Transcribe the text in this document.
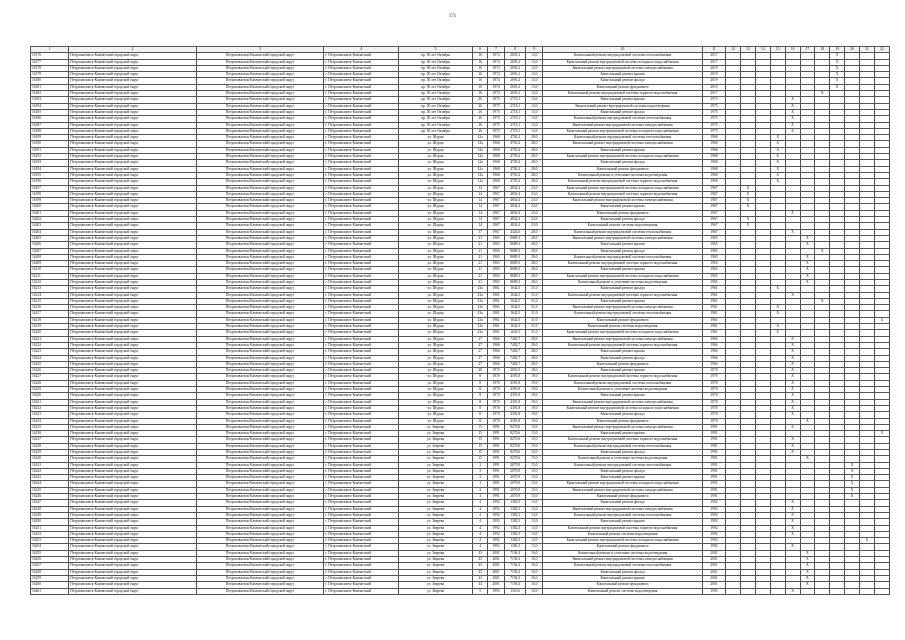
171
1	2	3	4	5	6	7	8	9	10	11	12	13	14	15	16	17	18	19	20	21	22
16176	Петропавловск-Камчатский городской округ	Петропавловск-Камчатский городской округ	г. Петропавловск-Камчатский	пр. 50 лет Октября	16	1974	2691,2	13,0	Капитальный ремонт внутридомовой системы теплоснабжения	2017								X			
16177	Петропавловск-Камчатский городской округ	Петропавловск-Камчатский городской округ	г. Петропавловск-Камчатский	пр. 50 лет Октября	16	1974	2691,2	13,0	Капитальный ремонт внутридомовой системы холодного водоснабжения	2017								X			
16178	Петропавловск-Камчатский городской округ	Петропавловск-Камчатский городской округ	г. Петропавловск-Камчатский	пр. 50 лет Октября	16	1974	2691,2	13,0	Капитальный ремонт внутридомовой системы электроснабжения	2019								X			
16179	Петропавловск-Камчатский городской округ	Петропавловск-Камчатский городской округ	г. Петропавловск-Камчатский	пр. 50 лет Октября	16	1974	2691,2	13,0	Капитальный ремонт крыши	2019								X			
16180	Петропавловск-Камчатский городской округ	Петропавловск-Камчатский городской округ	г. Петропавловск-Камчатский	пр. 50 лет Октября	16	1974	2691,2	13,0	Капитальный ремонт фасада	2019								X			
16181	Петропавловск-Камчатский городской округ	Петропавловск-Камчатский городской округ	г. Петропавловск-Камчатский	пр. 50 лет Октября	16	1974	2691,2	13,0	Капитальный ремонт фундамента	2019								X			
16182	Петропавловск-Камчатский городской округ	Петропавловск-Камчатский городской округ	г. Петропавловск-Камчатский	пр. 50 лет Октября	16	1974	2691,2	13,0	Капитальный ремонт внутридомовой системы горячего водоснабжения	2017							X				
16183	Петропавловск-Камчатский городской округ	Петропавловск-Камчатский городской округ	г. Петропавловск-Камчатский	пр. 50 лет Октября	26	1975	2718,1	13,0	Капитальный ремонт крыши	1975					X						
16184	Петропавловск-Камчатский городской округ	Петропавловск-Камчатский городской округ	г. Петропавловск-Камчатский	пр. 50 лет Октября	26	1975	2718,1	13,0	Капитальный ремонт внутридомовой системы водоотведения	1975					X						
16185	Петропавловск-Камчатский городской округ	Петропавловск-Камчатский городской округ	г. Петропавловск-Камчатский	пр. 50 лет Октября	26	1975	2718,1	13,0	Капитальный ремонт фасада	1975					X						
16186	Петропавловск-Камчатский городской округ	Петропавловск-Камчатский городской округ	г. Петропавловск-Камчатский	пр. 50 лет Октября	26	1975	2718,1	13,0	Капитальный ремонт внутридомовой системы теплоснабжения	1975					X						
16187	Петропавловск-Камчатский городской округ	Петропавловск-Камчатский городской округ	г. Петропавловск-Камчатский	пр. 50 лет Октября	26	1975	2718,1	13,0	Капитальный ремонт внутридомовой системы электроснабжения	1975					X						
16188	Петропавловск-Камчатский городской округ	Петропавловск-Камчатский городской округ	г. Петропавловск-Камчатский	пр. 50 лет Октября	26	1975	2718,1	13,0	Капитальный ремонт внутридомовой системы холодного водоснабжения	1975					X						
16189	Петропавловск-Камчатский городской округ	Петропавловск-Камчатский городской округ	г. Петропавловск-Камчатский	ул. Шурца	12а	1968	4703,2	28,0	Капитальный ремонт внутридомовой системы теплоснабжения	1968				X							
16190	Петропавловск-Камчатский городской округ	Петропавловск-Камчатский городской округ	г. Петропавловск-Камчатский	ул. Шурца	12а	1968	4703,2	28,0	Капитальный ремонт внутридомовой системы электроснабжения	1968				X							
16191	Петропавловск-Камчатский городской округ	Петропавловск-Камчатский городской округ	г. Петропавловск-Камчатский	ул. Шурца	12а	1968	4703,2	28,0	Капитальный ремонт крыши	1968				X							
16192	Петропавловск-Камчатский городской округ	Петропавловск-Камчатский городской округ	г. Петропавловск-Камчатский	ул. Шурца	12а	1968	4703,2	28,0	Капитальный ремонт внутридомовой системы холодного водоснабжения	1968				X							
16193	Петропавловск-Камчатский городской округ	Петропавловск-Камчатский городской округ	г. Петропавловск-Камчатский	ул. Шурца	12а	1968	4703,2	28,0	Капитальный ремонт фасада	1968				X							
16194	Петропавловск-Камчатский городской округ	Петропавловск-Камчатский городской округ	г. Петропавловск-Камчатский	ул. Шурца	12а	1968	4703,2	28,0	Капитальный ремонт фундамента	1968				X							
16195	Петропавловск-Камчатский городской округ	Петропавловск-Камчатский городской округ	г. Петропавловск-Камчатский	ул. Шурца	12а	1968	4703,2	28,0	Капитальный ремонт и утепление системы водоотведения	1968				X							
16196	Петропавловск-Камчатский городской округ	Петропавловск-Камчатский городской округ	г. Петропавловск-Камчатский	ул. Шурца	12а	1968	4703,2	28,0	Капитальный ремонт внутридомовой системы горячего водоснабжения	1968				X							
16197	Петропавловск-Камчатский городской округ	Петропавловск-Камчатский городской округ	г. Петропавловск-Камчатский	ул. Шурца	14	1967	4834,4	23,0	Капитальный ремонт внутридомовой системы холодного водоснабжения	1967		X									
16198	Петропавловск-Камчатский городской округ	Петропавловск-Камчатский городской округ	г. Петропавловск-Камчатский	ул. Шурца	14	1967	4834,4	23,0	Капитальный ремонт внутридомовой системы горячего водоснабжения	1967		X									
16199	Петропавловск-Камчатский городской округ	Петропавловск-Камчатский городской округ	г. Петропавловск-Камчатский	ул. Шурца	14	1967	4834,4	23,0	Капитальный ремонт внутридомовой системы электроснабжения	1967		X									
16200	Петропавловск-Камчатский городской округ	Петропавловск-Камчатский городской округ	г. Петропавловск-Камчатский	ул. Шурца	14	1967	4834,4	23,0	Капитальный ремонт крыши	1967		X									
16201	Петропавловск-Камчатский городской округ	Петропавловск-Камчатский городской округ	г. Петропавловск-Камчатский	ул. Шурца	14	1967	4834,4	23,0	Капитальный ремонт фундамента	1967					X						
16202	Петропавловск-Камчатский городской округ	Петропавловск-Камчатский городской округ	г. Петропавловск-Камчатский	ул. Шурца	14	1967	4834,4	23,0	Капитальный ремонт фасада	1967		X									
16203	Петропавловск-Камчатский городской округ	Петропавловск-Камчатский городской округ	г. Петропавловск-Камчатский	ул. Шурца	14	1967	4834,4	23,0	Капитальный ремонт системы водоотведения	1967		X									
16204	Петропавловск-Камчатский городской округ	Петропавловск-Камчатский городской округ	г. Петропавловск-Камчатский	ул. Шурца	17	1967	4324,6	28,0	Капитальный ремонт внутридомовой системы теплоснабжения	1967					X						
16205	Петропавловск-Камчатский городской округ	Петропавловск-Камчатский городской округ	г. Петропавловск-Камчатский	ул. Шурца	21	1965	8689,3	28,0	Капитальный ремонт внутридомовой системы электроснабжения	1965						X					
16206	Петропавловск-Камчатский городской округ	Петропавловск-Камчатский городской округ	г. Петропавловск-Камчатский	ул. Шурца	21	1965	8689,3	28,0	Капитальный ремонт крыши	1965						X					
16207	Петропавловск-Камчатский городской округ	Петропавловск-Камчатский городской округ	г. Петропавловск-Камчатский	ул. Шурца	21	1965	8689,3	28,0	Капитальный ремонт фасада	1965							X				
16208	Петропавловск-Камчатский городской округ	Петропавловск-Камчатский городской округ	г. Петропавловск-Камчатский	ул. Шурца	21	1965	8689,3	28,0	Капитальный ремонт внутридомовой системы теплоснабжения	1965						X					
16209	Петропавловск-Камчатский городской округ	Петропавловск-Камчатский городской округ	г. Петропавловск-Камчатский	ул. Шурца	21	1965	8689,3	28,0	Капитальный ремонт внутридомовой системы горячего водоснабжения	1965						X					
16210	Петропавловск-Камчатский городской округ	Петропавловск-Камчатский городской округ	г. Петропавловск-Камчатский	ул. Шурца	21	1965	8689,3	28,0	Капитальный ремонт крыши	1965						X					
16211	Петропавловск-Камчатский городской округ	Петропавловск-Камчатский городской округ	г. Петропавловск-Камчатский	ул. Шурца	21	1965	8689,3	28,0	Капитальный ремонт внутридомовой системы холодного водоснабжения	1965						X					
16212	Петропавловск-Камчатский городской округ	Петропавловск-Камчатский городской округ	г. Петропавловск-Камчатский	ул. Шурца	21	1965	8689,3	28,0	Капитальный ремонт и утепление системы водоотведения	1965						X					
16213	Петропавловск-Камчатский городской округ	Петропавловск-Камчатский городской округ	г. Петропавловск-Камчатский	ул. Шурца	23а	1961	1642,5	31,0	Капитальный ремонт фасада	1961				X							
16214	Петропавловск-Камчатский городской округ	Петропавловск-Камчатский городской округ	г. Петропавловск-Камчатский	ул. Шурца	23а	1961	1642,5	31,0	Капитальный ремонт внутридомовой системы горячего водоснабжения	1961					X						
16215	Петропавловск-Камчатский городской округ	Петропавловск-Камчатский городской округ	г. Петропавловск-Камчатский	ул. Шурца	23а	1961	1642,5	31,0	Капитальный ремонт крыши	1961							X				
16216	Петропавловск-Камчатский городской округ	Петропавловск-Камчатский городской округ	г. Петропавловск-Камчатский	ул. Шурца	23а	1961	1642,5	31,0	Капитальный ремонт внутридомовой системы электроснабжения	1961				X							
16217	Петропавловск-Камчатский городской округ	Петропавловск-Камчатский городской округ	г. Петропавловск-Камчатский	ул. Шурца	23а	1961	1642,5	31,0	Капитальный ремонт внутридомовой системы теплоснабжения	1961				X							
16218	Петропавловск-Камчатский городской округ	Петропавловск-Камчатский городской округ	г. Петропавловск-Камчатский	ул. Шурца	23а	1961	1642,5	31,0	Капитальный ремонт фундамента	1961											X
16219	Петропавловск-Камчатский городской округ	Петропавловск-Камчатский городской округ	г. Петропавловск-Камчатский	ул. Шурца	23а	1961	1642,5	31,0	Капитальный ремонт системы водоотведения	1961				X							
16220	Петропавловск-Камчатский городской округ	Петропавловск-Камчатский городской округ	г. Петропавловск-Камчатский	ул. Шурца	23а	1961	1642,5	31,0	Капитальный ремонт внутридомовой системы холодного водоснабжения	1961				X							
16221	Петропавловск-Камчатский городской округ	Петропавловск-Камчатский городской округ	г. Петропавловск-Камчатский	ул. Шурца	27	1966	7402,7	28,0	Капитальный ремонт внутридомовой системы электроснабжения	1966					X						
16222	Петропавловск-Камчатский городской округ	Петропавловск-Камчатский городской округ	г. Петропавловск-Камчатский	ул. Шурца	27	1966	7402,7	28,0	Капитальный ремонт внутридомовой системы горячего водоснабжения	1966					X						
16223	Петропавловск-Камчатский городской округ	Петропавловск-Камчатский городской округ	г. Петропавловск-Камчатский	ул. Шурца	27	1966	7402,7	28,0	Капитальный ремонт крыши	1966					X						
16224	Петропавловск-Камчатский городской округ	Петропавловск-Камчатский городской округ	г. Петропавловск-Камчатский	ул. Шурца	27	1966	7402,7	28,0	Капитальный ремонт фасада	1966					X						
16225	Петропавловск-Камчатский городской округ	Петропавловск-Камчатский городской округ	г. Петропавловск-Камчатский	ул. Шурца	27	1966	7402,7	28,0	Капитальный ремонт фундамента	1966					X						
16226	Петропавловск-Камчатский городской округ	Петропавловск-Камчатский городской округ	г. Петропавловск-Камчатский	ул. Шурца	28	1970	2052,5	18,0	Капитальный ремонт крыши	1970					X						
16227	Петропавловск-Камчатский городской округ	Петропавловск-Камчатский городской округ	г. Петропавловск-Камчатский	ул. Шурца	8	1970	4391,8	19,0	Капитальный ремонт внутридомовой системы горячего водоснабжения	1970					X						
16228	Петропавловск-Камчатский городской округ	Петропавловск-Камчатский городской округ	г. Петропавловск-Камчатский	ул. Шурца	8	1970	4391,8	19,0	Капитальный ремонт внутридомовой системы теплоснабжения	1970					X						
16229	Петропавловск-Камчатский городской округ	Петропавловск-Камчатский городской округ	г. Петропавловск-Камчатский	ул. Шурца	8	1970	4391,8	19,0	Капитальный ремонт и утепление системы водоотведения	1970					X						
16230	Петропавловск-Камчатский городской округ	Петропавловск-Камчатский городской округ	г. Петропавловск-Камчатский	ул. Шурца	8	1970	4391,8	19,0	Капитальный ремонт крыши	1970					X						
16231	Петропавловск-Камчатский городской округ	Петропавловск-Камчатский городской округ	г. Петропавловск-Камчатский	ул. Шурца	8	1970	4391,8	19,0	Капитальный ремонт внутридомовой системы электроснабжения	1970					X						
16232	Петропавловск-Камчатский городской округ	Петропавловск-Камчатский городской округ	г. Петропавловск-Камчатский	ул. Шурца	8	1970	4391,8	19,0	Капитальный ремонт внутридомовой системы холодного водоснабжения	1970					X						
16233	Петропавловск-Камчатский городской округ	Петропавловск-Камчатский городской округ	г. Петропавловск-Камчатский	ул. Шурца	8	1970	4391,8	19,0	Капитальный ремонт фасада	1970					X						
16234	Петропавловск-Камчатский городской округ	Петропавловск-Камчатский городской округ	г. Петропавловск-Камчатский	ул. Шурца	8	1970	4391,8	19,0	Капитальный ремонт фундамента	1970						X					
16235	Петропавловск-Камчатский городской округ	Петропавловск-Камчатский городской округ	г. Петропавловск-Камчатский	ул. Зверева	15	1991	8270,6	15,0	Капитальный ремонт внутридомовой системы электроснабжения	1991					X						
16236	Петропавловск-Камчатский городской округ	Петропавловск-Камчатский городской округ	г. Петропавловск-Камчатский	ул. Зверева	15	1991	8270,6	15,0	Капитальный ремонт крыши	1991											X
16237	Петропавловск-Камчатский городской округ	Петропавловск-Камчатский городской округ	г. Петропавловск-Камчатский	ул. Зверева	15	1991	8270,6	15,0	Капитальный ремонт внутридомовой системы горячего водоснабжения	1991					X						
16238	Петропавловск-Камчатский городской округ	Петропавловск-Камчатский городской округ	г. Петропавловск-Камчатский	ул. Зверева	15	1991	8270,6	15,0	Капитальный ремонт внутридомовой системы теплоснабжения	1991					X						
16239	Петропавловск-Камчатский городской округ	Петропавловск-Камчатский городской округ	г. Петропавловск-Камчатский	ул. Зверева	15	1991	8270,6	15,0	Капитальный ремонт фасада	1991					X						
16240	Петропавловск-Камчатский городской округ	Петропавловск-Камчатский городской округ	г. Петропавловск-Камчатский	ул. Зверева	15	1991	8270,6	15,0	Капитальный ремонт и утепление системы водоотведения	1991						X					
16241	Петропавловск-Камчатский городской округ	Петропавловск-Камчатский городской округ	г. Петропавловск-Камчатский	ул. Зверева	3	1991	2070,9	15,0	Капитальный ремонт внутридомовой системы теплоснабжения	1991									X		
16242	Петропавловск-Камчатский городской округ	Петропавловск-Камчатский городской округ	г. Петропавловск-Камчатский	ул. Зверева	3	1991	2070,9	15,0	Капитальный ремонт фасада	1991									X		
16243	Петропавловск-Камчатский городской округ	Петропавловск-Камчатский городской округ	г. Петропавловск-Камчатский	ул. Зверева	3	1991	2070,9	15,0	Капитальный ремонт крыши	1991									X		
16244	Петропавловск-Камчатский городской округ	Петропавловск-Камчатский городской округ	г. Петропавловск-Камчатский	ул. Зверева	3	1991	2070,9	15,0	Капитальный ремонт внутридомовой системы холодного водоснабжения	1991									X		
16245	Петропавловск-Камчатский городской округ	Петропавловск-Камчатский городской округ	г. Петропавловск-Камчатский	ул. Зверева	3	1991	2070,9	15,0	Капитальный ремонт внутридомовой системы электроснабжения	1991									X		
16246	Петропавловск-Камчатский городской округ	Петропавловск-Камчатский городской округ	г. Петропавловск-Камчатский	ул. Зверева	3	1991	2070,9	15,0	Капитальный ремонт фундамента	1991									X		
16247	Петропавловск-Камчатский городской округ	Петропавловск-Камчатский городской округ	г. Петропавловск-Камчатский	ул. Зверева	4	1992	1382,5	13,0	Капитальный ремонт фасада	1992					X						
16248	Петропавловск-Камчатский городской округ	Петропавловск-Камчатский городской округ	г. Петропавловск-Камчатский	ул. Зверева	4	1992	1382,5	13,0	Капитальный ремонт внутридомовой системы электроснабжения	1992					X						
16249	Петропавловск-Камчатский городской округ	Петропавловск-Камчатский городской округ	г. Петропавловск-Камчатский	ул. Зверева	4	1992	1382,5	13,0	Капитальный ремонт внутридомовой системы теплоснабжения	1992					X						
16250	Петропавловск-Камчатский городской округ	Петропавловск-Камчатский городской округ	г. Петропавловск-Камчатский	ул. Зверева	4	1992	1382,5	13,0	Капитальный ремонт крыши	1992					X						
16251	Петропавловск-Камчатский городской округ	Петропавловск-Камчатский городской округ	г. Петропавловск-Камчатский	ул. Зверева	4	1992	1382,5	13,0	Капитальный ремонт внутридомовой системы горячего водоснабжения	1992					X						
16252	Петропавловск-Камчатский городской округ	Петропавловск-Камчатский городской округ	г. Петропавловск-Камчатский	ул. Зверева	4	1992	1382,5	13,0	Капитальный ремонт системы водоотведения	1992					X						
16253	Петропавловск-Камчатский городской округ	Петропавловск-Камчатский городской округ	г. Петропавловск-Камчатский	ул. Зверева	4	1992	1382,5	13,0	Капитальный ремонт внутридомовой системы холодного водоснабжения	1992										X	
16254	Петропавловск-Камчатский городской округ	Петропавловск-Камчатский городской округ	г. Петропавловск-Камчатский	ул. Зверева	4	1992	1382,5	13,0	Капитальный ремонт фундамента	1992					X						
16255	Петропавловск-Камчатский городской округ	Петропавловск-Камчатский городской округ	г. Петропавловск-Камчатский	ул. Зверева	43	2001	7194,4	16,0	Капитальный ремонт и утепление системы водоотведения	2001						X					
16256	Петропавловск-Камчатский городской округ	Петропавловск-Камчатский городской округ	г. Петропавловск-Камчатский	ул. Зверева	43	2001	7194,4	16,0	Капитальный ремонт внутридомовой системы электроснабжения	2001						X					
16257	Петропавловск-Камчатский городской округ	Петропавловск-Камчатский городской округ	г. Петропавловск-Камчатский	ул. Зверева	43	2001	7194,4	16,0	Капитальный ремонт внутридомовой системы теплоснабжения	2001						X					
16258	Петропавловск-Камчатский городской округ	Петропавловск-Камчатский городской округ	г. Петропавловск-Камчатский	ул. Зверева	43	2001	7194,4	16,0	Капитальный ремонт фасада	2001						X					
16259	Петропавловск-Камчатский городской округ	Петропавловск-Камчатский городской округ	г. Петропавловск-Камчатский	ул. Зверева	43	2001	7194,4	16,0	Капитальный ремонт крыши	2001						X					
16260	Петропавловск-Камчатский городской округ	Петропавловск-Камчатский городской округ	г. Петропавловск-Камчатский	ул. Зверева	43	2001	7194,4	16,0	Капитальный ремонт фундамента	2001						X					
16261	Петропавловск-Камчатский городской округ	Петропавловск-Камчатский городской округ	г. Петропавловск-Камчатский	ул. Зверева	5	1993	1310,6	10,0	Капитальный ремонт системы водоотведения	1993					X						
